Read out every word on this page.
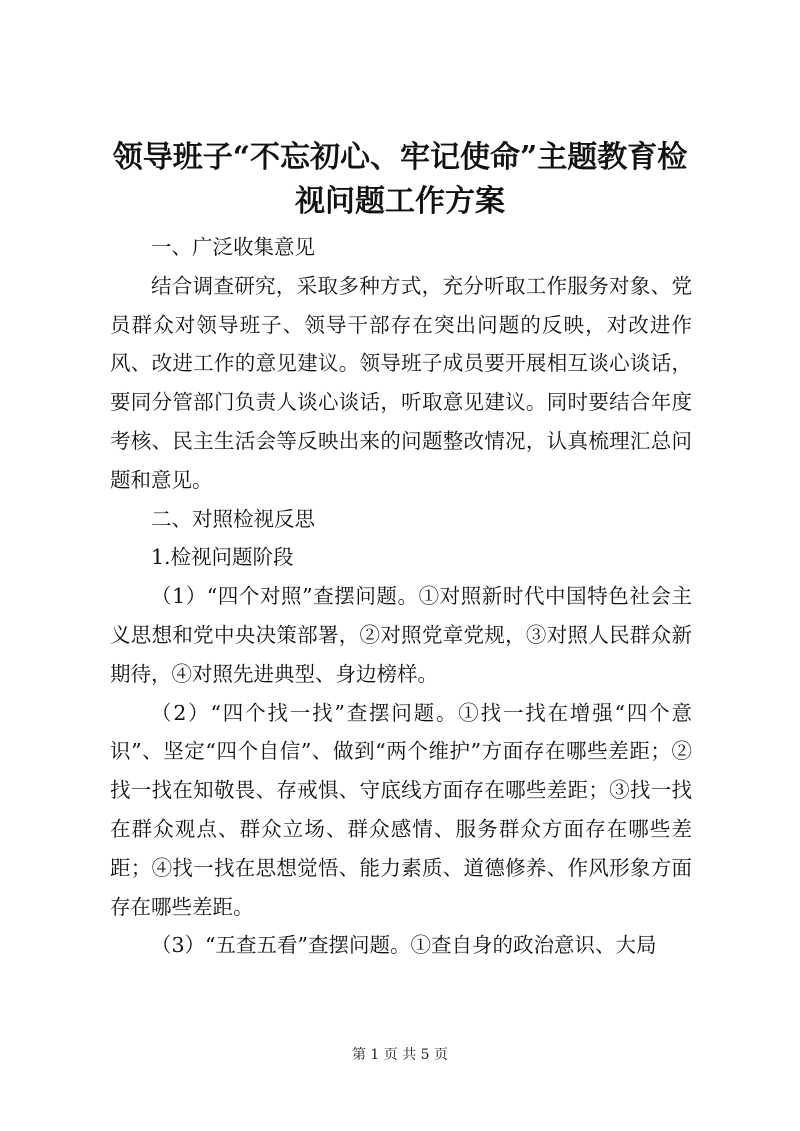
领导班子“不忘初心、牢记使命”主题教育检视问题工作方案

一、广泛收集意见

结合调查研究，采取多种方式，充分听取工作服务对象、党员群众对领导班子、领导干部存在突出问题的反映，对改进作风、改进工作的意见建议。领导班子成员要开展相互谈心谈话，要同分管部门负责人谈心谈话，听取意见建议。同时要结合年度考核、民主生活会等反映出来的问题整改情况，认真梳理汇总问题和意见。

二、对照检视反思

1.检视问题阶段

（1）“四个对照”查摆问题。①对照新时代中国特色社会主义思想和党中央决策部署，②对照党章党规，③对照人民群众新期待，④对照先进典型、身边榜样。

（2）“四个找一找”查摆问题。①找一找在增强“四个意识”、坚定“四个自信”、做到“两个维护”方面存在哪些差距；②找一找在知敬畏、存戒惧、守底线方面存在哪些差距；③找一找在群众观点、群众立场、群众感情、服务群众方面存在哪些差距；④找一找在思想觉悟、能力素质、道德修养、作风形象方面存在哪些差距。

（3）“五查五看”查摆问题。①查自身的政治意识、大局

第 1 页 共 5 页
